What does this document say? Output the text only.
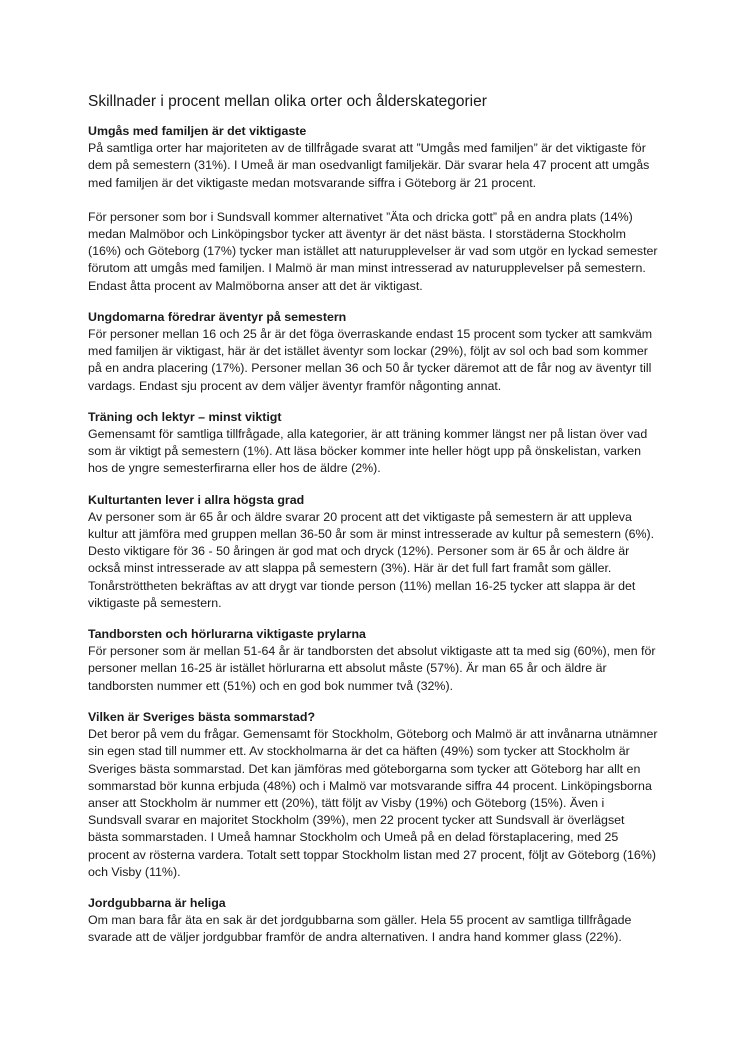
Skillnader i procent mellan olika orter och ålderskategorier
Umgås med familjen är det viktigaste

På samtliga orter har majoriteten av de tillfrågade svarat att ”Umgås med familjen” är det viktigaste för dem på semestern (31%). I Umeå är man osedvanligt familjekär. Där svarar hela 47 procent att umgås med familjen är det viktigaste medan motsvarande siffra i Göteborg är 21 procent.

För personer som bor i Sundsvall kommer alternativet ”Äta och dricka gott” på en andra plats (14%) medan Malmöbor och Linköpingsbor tycker att äventyr är det näst bästa. I storstäderna Stockholm (16%) och Göteborg (17%) tycker man istället att naturupplevelser är vad som utgör en lyckad semester förutom att umgås med familjen. I Malmö är man minst intresserad av naturupplevelser på semestern. Endast åtta procent av Malmöborna anser att det är viktigast.

Ungdomarna föredrar äventyr på semestern

För personer mellan 16 och 25 år är det föga överraskande endast 15 procent som tycker att samkväm med familjen är viktigast, här är det istället äventyr som lockar (29%), följt av sol och bad som kommer på en andra placering (17%). Personer mellan 36 och 50 år tycker däremot att de får nog av äventyr till vardags. Endast sju procent av dem väljer äventyr framför någonting annat.

Träning och lektyr – minst viktigt

Gemensamt för samtliga tillfrågade, alla kategorier, är att träning kommer längst ner på listan över vad som är viktigt på semestern (1%). Att läsa böcker kommer inte heller högt upp på önskelistan, varken hos de yngre semesterfirarna eller hos de äldre (2%).

Kulturtanten lever i allra högsta grad

Av personer som är 65 år och äldre svarar 20 procent att det viktigaste på semestern är att uppleva kultur att jämföra med gruppen mellan 36-50 år som är minst intresserade av kultur på semestern (6%). Desto viktigare för 36 - 50 åringen är god mat och dryck (12%). Personer som är 65 år och äldre är också minst intresserade av att slappa på semestern (3%). Här är det full fart framåt som gäller. Tonårströttheten bekräftas av att drygt var tionde person (11%) mellan 16-25 tycker att slappa är det viktigaste på semestern.

Tandborsten och hörlurarna viktigaste prylarna

För personer som är mellan 51-64 år är tandborsten det absolut viktigaste att ta med sig (60%), men för personer mellan 16-25 är istället hörlurarna ett absolut måste (57%). Är man 65 år och äldre är tandborsten nummer ett (51%) och en god bok nummer två (32%).

Vilken är Sveriges bästa sommarstad?

Det beror på vem du frågar. Gemensamt för Stockholm, Göteborg och Malmö är att invånarna utnämner sin egen stad till nummer ett. Av stockholmarna är det ca häften (49%) som tycker att Stockholm är Sveriges bästa sommarstad. Det kan jämföras med göteborgarna som tycker att Göteborg har allt en sommarstad bör kunna erbjuda (48%) och i Malmö var motsvarande siffra 44 procent. Linköpingsborna anser att Stockholm är nummer ett (20%), tätt följt av Visby (19%) och Göteborg (15%). Även i Sundsvall svarar en majoritet Stockholm (39%), men 22 procent tycker att Sundsvall är överlägset bästa sommarstaden. I Umeå hamnar Stockholm och Umeå på en delad förstaplacering, med 25 procent av rösterna vardera. Totalt sett toppar Stockholm listan med 27 procent, följt av Göteborg (16%) och Visby (11%).

Jordgubbarna är heliga

Om man bara får äta en sak är det jordgubbarna som gäller. Hela 55 procent av samtliga tillfrågade svarade att de väljer jordgubbar framför de andra alternativen. I andra hand kommer glass (22%).
